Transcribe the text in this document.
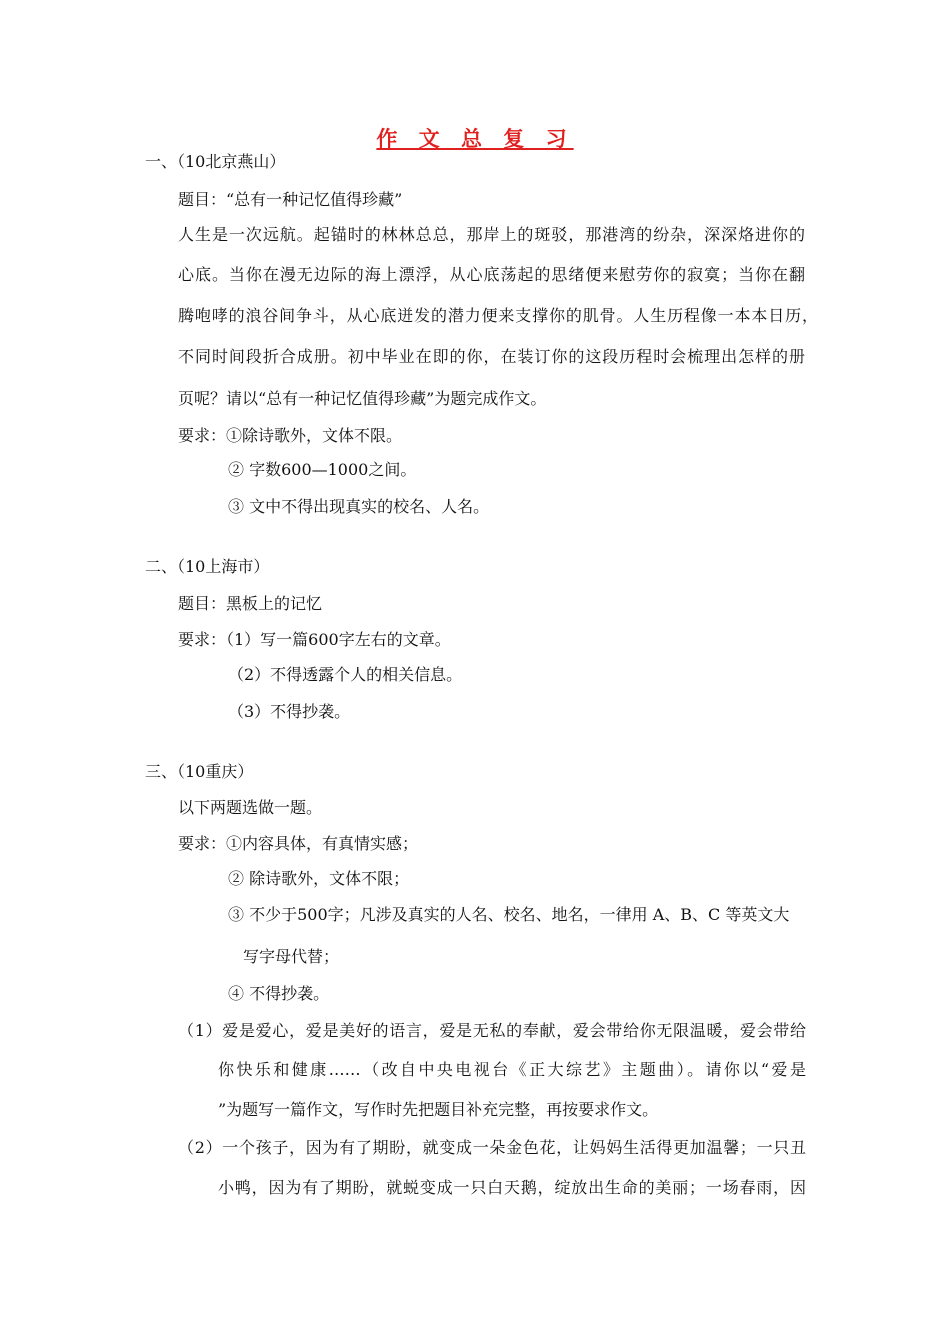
作 文 总 复 习
一、（10北京燕山）
题目：“总有一种记忆值得珍藏”
人生是一次远航。起锚时的林林总总，那岸上的斑驳，那港湾的纷杂，深深烙进你的
心底。当你在漫无边际的海上漂浮，从心底荡起的思绪便来慰劳你的寂寞；当你在翻
腾咆哮的浪谷间争斗，从心底迸发的潜力便来支撑你的肌骨。人生历程像一本本日历，
不同时间段折合成册。初中毕业在即的你，在装订你的这段历程时会梳理出怎样的册
页呢？请以“总有一种记忆值得珍藏”为题完成作文。
要求：①除诗歌外，文体不限。
② 字数600—1000之间。
③ 文中不得出现真实的校名、人名。
二、（10上海市）
题目：黑板上的记忆
要求：（1）写一篇600字左右的文章。
（2）不得透露个人的相关信息。
（3）不得抄袭。
三、（10重庆）
以下两题选做一题。
要求：①内容具体，有真情实感；
② 除诗歌外，文体不限；
③ 不少于500字；凡涉及真实的人名、校名、地名，一律用 A、B、C 等英文大
写字母代替；
④ 不得抄袭。
（1）爱是爱心，爱是美好的语言，爱是无私的奉献，爱会带给你无限温暖，爱会带给
你快乐和健康……（改自中央电视台《正大综艺》主题曲）。请你以“爱是
”为题写一篇作文，写作时先把题目补充完整，再按要求作文。
（2）一个孩子，因为有了期盼，就变成一朵金色花，让妈妈生活得更加温馨；一只丑
小鸭，因为有了期盼，就蜕变成一只白天鹅，绽放出生命的美丽；一场春雨，因
